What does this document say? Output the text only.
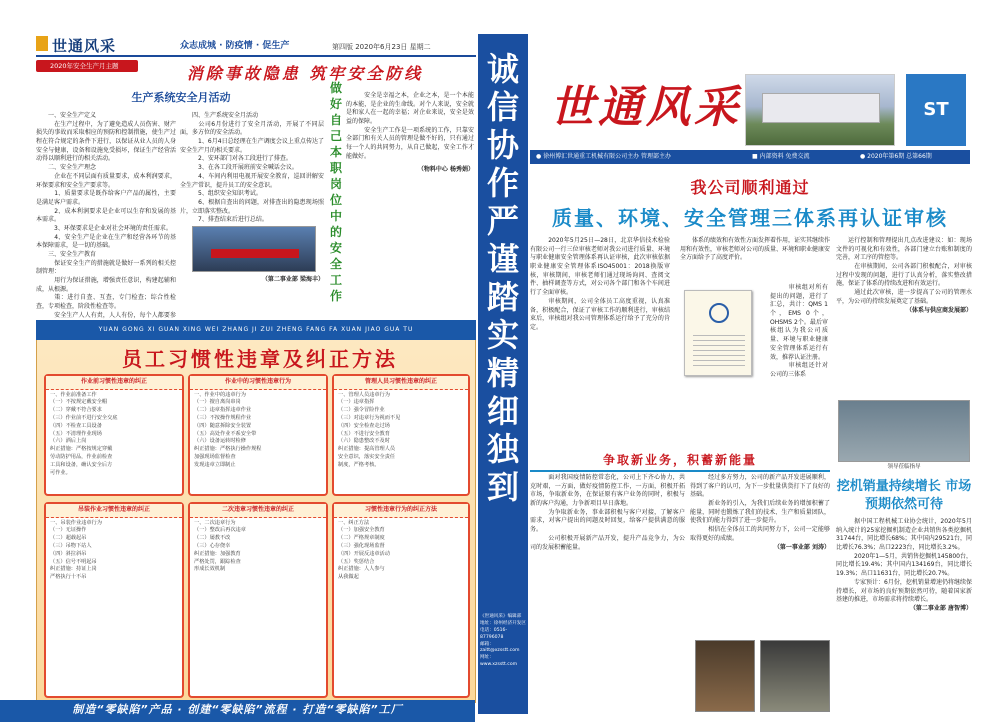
世通风采	众志成城 · 防疫情 · 促生产	第四版 2020年6月23日 星期二
2020年安全生产月主题	消除事故隐患 筑牢安全防线
生产系统安全月活动
做好自己本职岗位中的安全工作

一、安全生产定义

　在生产过程中，为了避免造成人员伤害、财产损失的事故而采取相应的预防和控制措施，使生产过程在符合规定的条件下进行，以保证从业人员的人身安全与健康，设备和设施免受损坏，保证生产经营活动得以顺利进行的相关活动。

二、安全生产理念

　企业在不同层面有质量要求，成本利润要求，环保要求和安全生产要求等。

　1、质量要求是既作给客户产品的属性，主要是满足客户需求。

　2、成本利润要求是企业可以生存和发展的基本需求。

　3、环保要求是企业对社会环境的责任需求。

　4、安全生产是企业在生产和经营各环节的基本保障需求，是一切的基础。

三、安全生产教育

　保证安全生产的措施就是做好一系列的相关控制管理：

　用行为保证措施，增强责任意识，构建起辅和成，从根源。

　策：进行自查、互查，专门检查；综合性检查，专项检查，阶段性检查等。

　安全生产人人有责，人人有份，每个人都要参

四、生产系统安全月活动

　公司6月份进行了安全月活动，开展了不同层面，多方位的安全活动。

　1、6月4日总经理在生产调度会议上重点传达了安全生产月的相关要求。

　2、安环部门对各工段进行了排查。

　3、在各工段开展班前安全喊话会议。

　4、车间内利用电视开展安全教育，巡回讲解安全生产常识，提升员工的安全意识。

　5、组织安全知识考试。

　6、根据自查出的问题，对排查出的隐患现场照片，立即落实整改。

　7、排查结束后进行总结。

（第二事业部 梁海丰）

　安全是幸福之本，企业之本，是一个本能的本能，是企业的生命线。对个人来说，安全就是和家人在一起的幸福；对企业来说，安全是效益的保障。

　安全生产工作是一项系统的工作，只靠安全部门和有关人员的管理是做不好的，只有通过每一个人的共同努力，从自己做起，安全工作才能做好。

（物料中心 杨秀娟）
YUAN GONG XI GUAN XING WEI ZHANG JI ZUI ZHENG FANG FA XUAN JIAO GUA TU
员工习惯性违章及纠正方法
作业前习惯性违章的纠正
一、作业前准备工作
（一）不按规定戴安全帽
（二）穿戴不符合要求
（三）作业前不进行安全交底
（四）不检查工具设备
（五）不清理作业现场
（六）酒后上岗
纠正措施：严格按规定穿戴
劳动防护用品，作业前检查
工具和设备，确认安全后方
可作业。
作业中的习惯性违章行为
一、作业中的违章行为
（一）擅自离岗串岗
（二）违章指挥违章作业
（三）不按操作规程作业
（四）随意拆除安全装置
（五）高处作业不系安全带
（六）设备运转时检修
纠正措施：严格执行操作规程
加强现场监督检查
发现违章立即制止
管理人员习惯性违章的纠正
一、管理人员违章行为
（一）违章指挥
（二）强令冒险作业
（三）对违章行为视而不见
（四）安全检查走过场
（五）不进行安全教育
（六）隐患整改不及时
纠正措施：提高管理人员
安全意识，落实安全责任
制度，严格考核。
吊装作业习惯性违章的纠正
一、吊装作业违章行为
（一）无证操作
（二）超载起吊
（三）吊物下站人
（四）斜拉斜吊
（五）信号不明起吊
纠正措施：持证上岗
严格执行十不吊
二次违章习惯性违章的纠正
一、二次违章行为
（一）整改后再次违章
（二）屡教不改
（三）心存侥幸
纠正措施：加强教育
严格处罚，跟踪检查
形成长效机制
习惯性违章行为的纠正方法
一、纠正方法
（一）加强安全教育
（二）严格规章制度
（三）强化现场监督
（四）开展反违章活动
（五）奖惩结合
纠正措施：人人参与
从我做起
制造“零缺陷”产品 · 创建“零缺陷”流程 · 打造“零缺陷”工厂
诚信协作 严谨踏实 精细独到
《世通风采》编辑部
地址：徐州经济开发区
电话：0516-87796078
邮箱：zaitt@xzsstt.com
网址：www.xzsstt.com
世通风采	ST
● 徐州博汇世通重工机械有限公司主办 管理部主办	■ 内部资料 免费交流	● 2020年第6期 总第66期
我公司顺利通过
质量、环境、安全管理三体系再认证审核

　2020年5月25日—28日，北京华信技术检验有限公司一行三位审核老师对我公司进行质量、环境与职业健康安全管理体系再认证审核，此次审核依据职业健康安全管理体系ISO45001：2018换版审核，审核期间，审核老师们通过现场询问、查阅文件、抽样调查等方式，对公司各个部门和各个车间进行了全面审核。

　审核期间，公司全体员工高度重视，认真准备，积极配合，保证了审核工作的顺利进行，审核结束后，审核组对我公司管理体系运行给予了充分的肯定。

体系的绩效和有效性方面发挥着作用，证实其继续作用和有效性，审核老师对公司的质量、环境和职业健康安全方面给予了高度评价。

　审核组对所有提出的问题，进行了汇总，共计：QMS 1个，EMS 0个，OHSMS 2个。最后审核组认为我公司质量、环境与职业健康安全管理体系运行有效，推荐认证注册。

　审核组还针对公司的三体系

运行控制和管理提出几点改进建议：如：现场文件的可视化和有效性，各部门建立台账和制度的完善，对工序的管控等。

　在审核期间，公司各部门积极配合，对审核过程中发现的问题，进行了认真分析，落实整改措施，保证了体系的持续改进和有效运行。

　通过此次审核，进一步提高了公司的管理水平，为公司的持续发展奠定了基础。

（体系与供应商发展部）
领导莅临指导
争取新业务，积蓄新能量

　面对我国疫情防控常态化，公司上下齐心协力，共克时艰，一方面，做好疫情防控工作，一方面，积极开拓市场，争取新业务，在保证原有客户业务的同时，积极与新的客户沟通，力争新项目早日落地。

　为争取新业务，事业部积极与客户对接，了解客户需求，对客户提出的问题及时回复，给客户提供满意的服务。

　公司积极开展新产品开发，提升产品竞争力，为公司的发展积蓄能量。

　经过多方努力，公司的新产品开发进展顺利，得到了客户的认可，为下一步批量供货打下了良好的基础。

　新业务的引入，为我们后续业务的增加积蓄了能量，同时也锻炼了我们的技术、生产和质量团队，使我们的能力得到了进一步提升。

　相信在全体员工的共同努力下，公司一定能够取得更好的成绩。

（第一事业部 刘涛）
挖机销量持续增长 市场预期依然可待

　据中国工程机械工业协会统计，2020年5月纳入统计的25家挖掘机制造企业共销售各类挖掘机31744台，同比增长68%；其中国内29521台，同比增长76.3%；出口2223台，同比增长3.2%。

　2020年1—5月，共销售挖掘机145800台，同比增长19.4%；其中国内134169台，同比增长19.3%；出口11631台，同比增长20.7%。

　专家预计：6月份，挖机销量增速仍将继续保持增长，对市场的良好预期依然可待，随着国家新基建的推进，市场需求将持续增长。

（第二事业部 唐智博）
